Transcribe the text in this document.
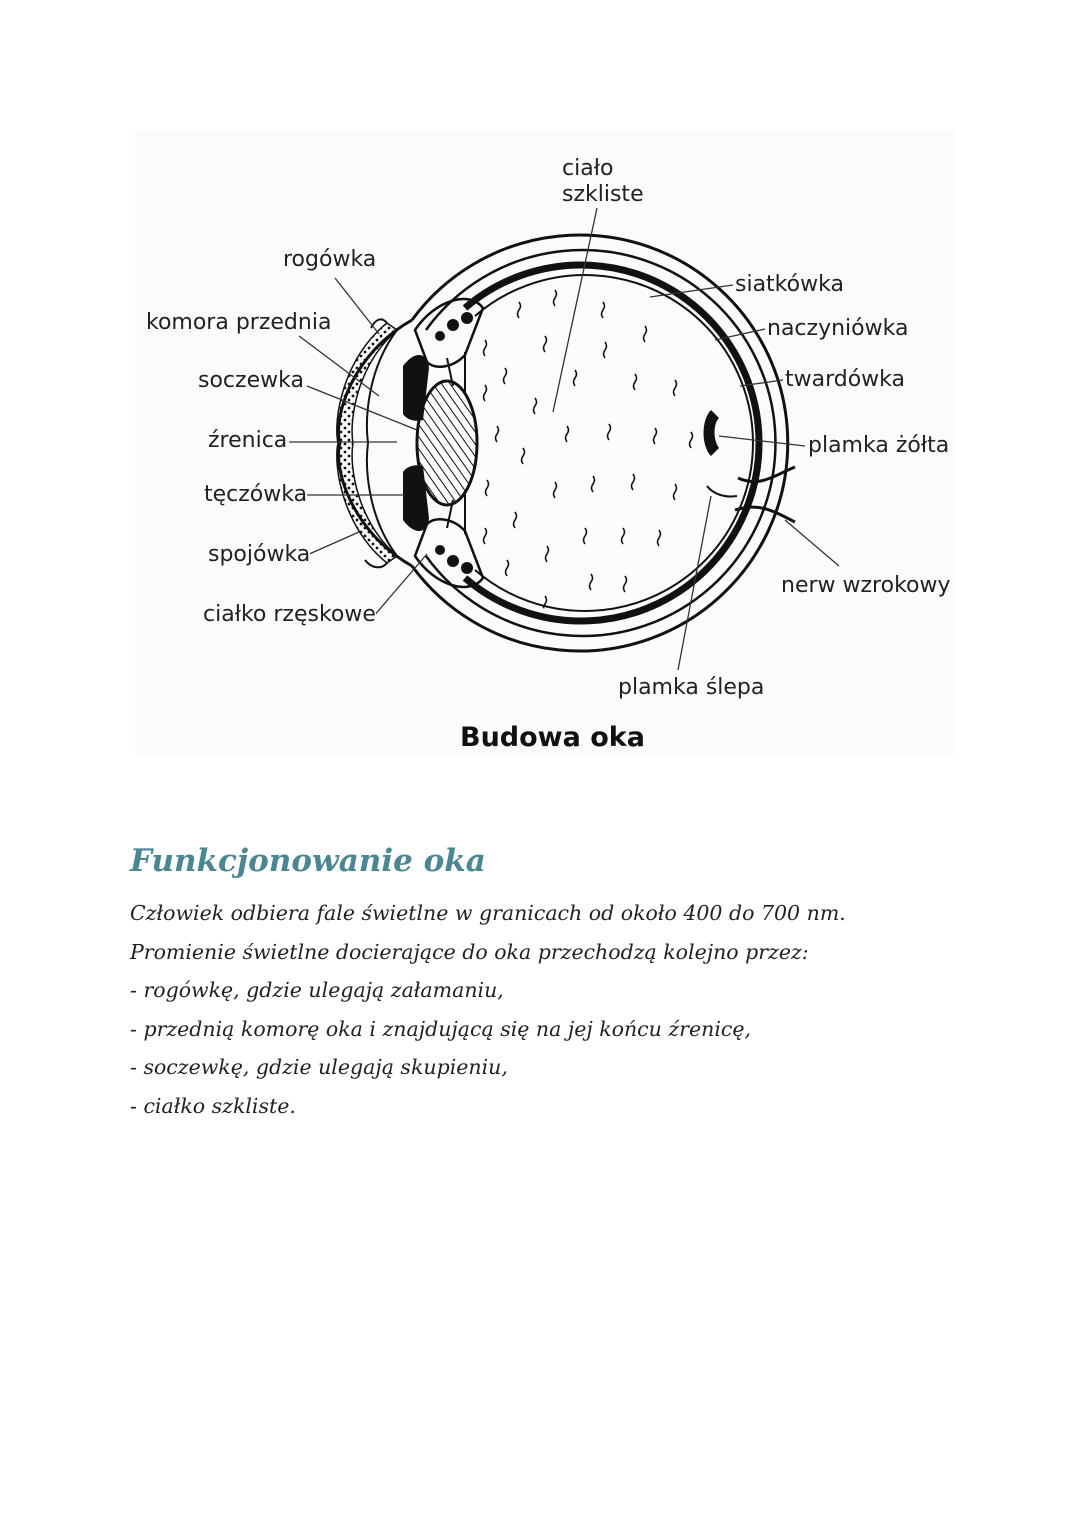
ciało
szkliste
rogówka
komora przednia
soczewka
źrenica
tęczówka
spojówka
ciałko rzęskowe
siatkówka
naczyniówka
twardówka
plamka żółta
nerw wzrokowy
plamka ślepa
Budowa oka
Funkcjonowanie oka

Człowiek odbiera fale świetlne w granicach od około 400 do 700 nm.

Promienie świetlne docierające do oka przechodzą kolejno przez:

- rogówkę, gdzie ulegają załamaniu,

- przednią komorę oka i znajdującą się na jej końcu źrenicę,

- soczewkę, gdzie ulegają skupieniu,

- ciałko szkliste.
